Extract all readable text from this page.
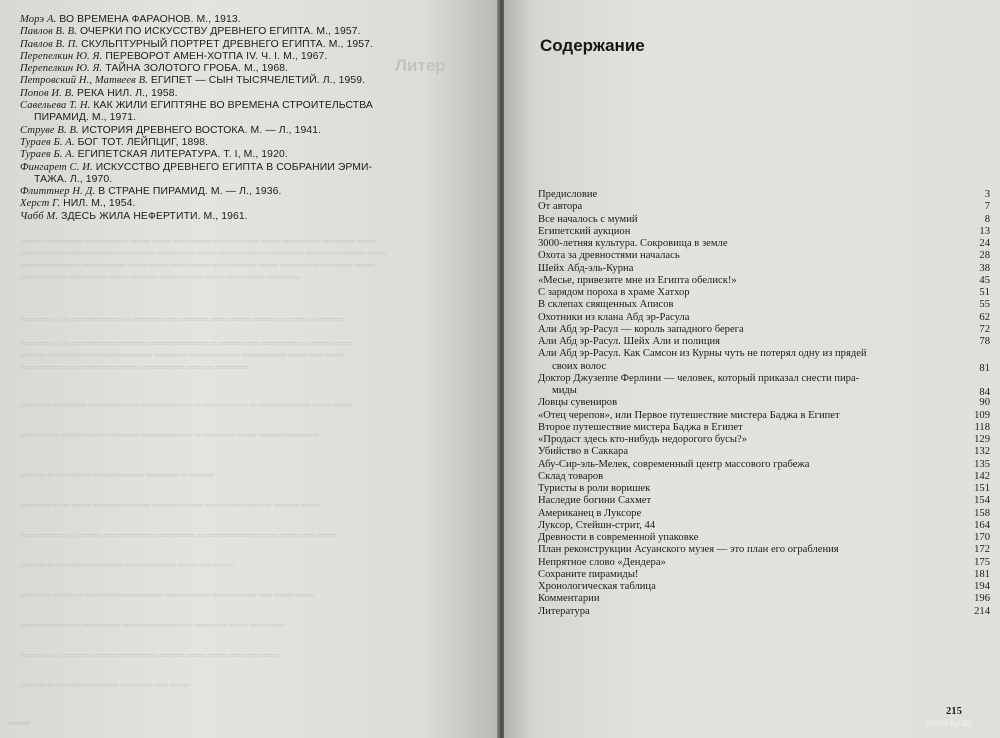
Литер

Морэ А. ВО ВРЕМЕНА ФАРАОНОВ. М., 1913.

Павлов В. В. ОЧЕРКИ ПО ИСКУССТВУ ДРЕВНЕГО ЕГИПТА. М., 1957.

Павлов В. П. СКУЛЬПТУРНЫЙ ПОРТРЕТ ДРЕВНЕГО ЕГИПТА. М., 1957.

Перепелкин Ю. Я. ПЕРЕВОРОТ АМЕН-ХОТПА IV. Ч. I. М., 1967.

Перепелкин Ю. Я. ТАЙНА ЗОЛОТОГО ГРОБА. М., 1968.

Петровский Н., Матвеев В. ЕГИПЕТ — СЫН ТЫСЯЧЕЛЕТИЙ. Л., 1959.

Попов И. В. РЕКА НИЛ. Л., 1958.

Савельева Т. Н. КАК ЖИЛИ ЕГИПТЯНЕ ВО ВРЕМЕНА СТРОИТЕЛЬСТВА
ПИРАМИД. М., 1971.

Струве В. В. ИСТОРИЯ ДРЕВНЕГО ВОСТОКА. М. — Л., 1941.

Тураев Б. А. БОГ ТОТ. ЛЕЙПЦИГ, 1898.

Тураев Б. А. ЕГИПЕТСКАЯ ЛИТЕРАТУРА. Т. I, М., 1920.

Фингарет С. И. ИСКУССТВО ДРЕВНЕГО ЕГИПТА В СОБРАНИИ ЭРМИ-
ТАЖА. Л., 1970.

Флиттнер Н. Д. В СТРАНЕ ПИРАМИД. М. — Л., 1936.

Херст Г. НИЛ. М., 1954.

Чабб М. ЗДЕСЬ ЖИЛА НЕФЕРТИТИ. М., 1961.

═══ ══════ ═══════ ═══ ═══ ══════ ═══════ ═══ ══════ ═════ ═══
═══════ ════ ═══ ══════ ══════ ═══ ═══════ ══════ ═════ ════ ═══
═══ ══════ ═══════ ═══ ═══ ══════ ═══════ ═══ ══════ ═════ ═══
═══ ════ ══════ ═══ ════ ═══════ ═══ ══════ ═════
═════ ═ ═ ════════ ═ ═════ ══ ════ ═══ ═══ ════ ═ ═══ ═ ════
═════ ═ ═ ════════════ ═════════ ═ ════ ══ ══════ ═ ═══ ═══
════ ═══════ ═════════ ═════ ════════ ═══════ ═══ ══ ═══
════════ ══════════ ═══════ ═══ ═ ═════
═════ ═════ ════════ ════════ ═ ═══════ ═ ════════ ═══ ═══
══════ ═══════ ═════ ════════ ═ ═════ ═══ ════ ═════
════ ═ ═ ════ ════════ ═════ ═ ════
═════ ═ ═ ═══ ═════════ ════════ ═════════ ═ ════ ═══
═══════ ═ ════ ════════ ══════ ═ ═════════ ══ ═══ ══ ═══
════ ═ ═ ═════════ ════════ ═══ ══ ═══
═════ ═══ ═ ═══ ═════════ ═══════ ═══════ ══ ═══ ═══
════════ ═ ══════ ═══════════ ═════ ═══ ══ ═══
═══ ═ ═ ═════ ══════════ ════ ═══ ═══ ══ ══ ═══
════ ═ ═ ═════ ═══ ═════ ══ ═══
═══
Содержание
Предисловие	3
От автора	7
Все началось с мумий	8
Египетский аукцион	13
3000-летняя культура. Сокровища в земле	24
Охота за древностями началась	28
Шейх Абд-эль-Курна	38
«Месье, привезите мне из Египта обелиск!»	45
С зарядом пороха в храме Хатхор	51
В склепах священных Аписов	55
Охотники из клана Абд эр-Расула	62
Али Абд эр-Расул — король западного берега	72
Али Абд эр-Расул. Шейх Али и полиция	78
Али Абд эр-Расул. Как Самсон из Курны чуть не потерял одну из прядей
своих волос	81
Доктор Джузеппе Ферлини — человек, который приказал снести пира-
миды	84
Ловцы сувениров	90
«Отец черепов», или Первое путешествие мистера Баджа в Египет	109
Второе путешествие мистера Баджа в Египет	118
«Продаст здесь кто-нибудь недорогого бусы?»	129
Убийство в Саккара	132
Абу-Сир-эль-Мелек, современный центр массового грабежа	135
Склад товаров	142
Туристы в роли воришек	151
Наследие богини Сахмет	154
Американец в Луксоре	158
Луксор, Стейшн-стрит, 44	164
Древности в современной упаковке	170
План реконструкции Асуанского музея — это план его ограбления	172
Непрятное слово «Дендера»	175
Сохраните пирамиды!	181
Хронологическая таблица	194
Комментарии	196
Литература	214
215
www.ay.by
